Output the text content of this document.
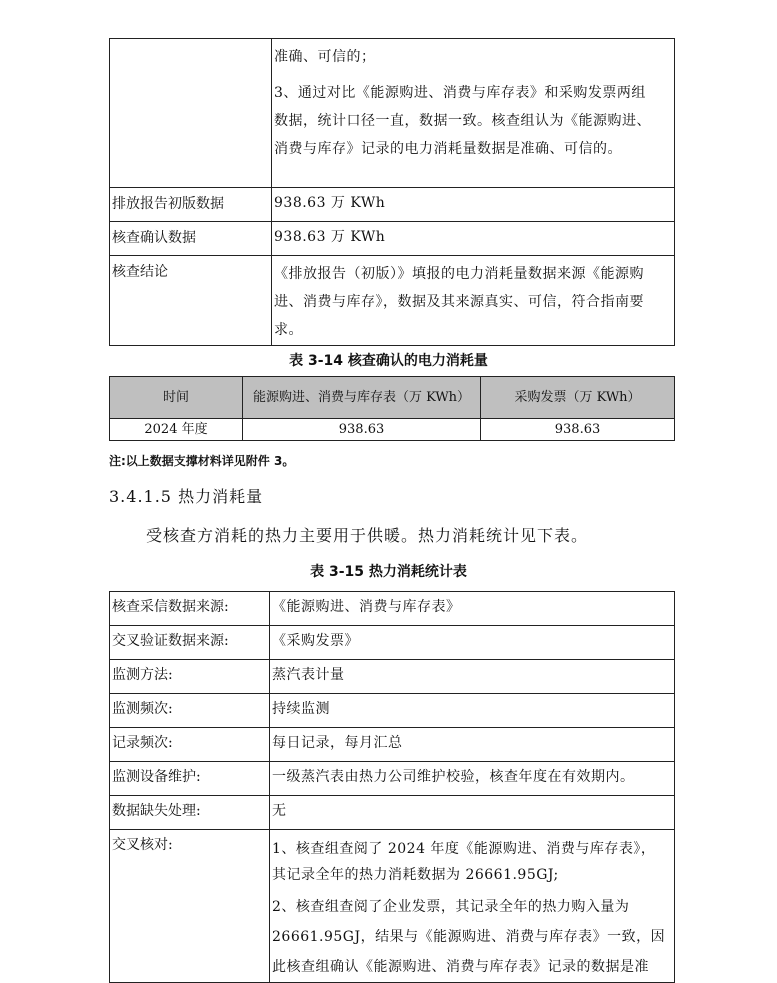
	准确、可信的；
3、通过对比《能源购进、消费与库存表》和采购发票两组
数据，统计口径一直，数据一致。核查组认为《能源购进、
消费与库存》记录的电力消耗量数据是准确、可信的。

排放报告初版数据	938.63 万 KWh

核查确认数据	938.63 万 KWh

核查结论	《排放报告（初版）》填报的电力消耗量数据来源《能源购
进、消费与库存》，数据及其来源真实、可信，符合指南要
求。
表 3-14 核查确认的电力消耗量
时间	能源购进、消费与库存表（万 KWh）	采购发票（万 KWh）
2024 年度	938.63	938.63
注:以上数据支撑材料详见附件 3。
3.4.1.5 热力消耗量
受核查方消耗的热力主要用于供暖。热力消耗统计见下表。
表 3-15 热力消耗统计表
核查采信数据来源:	《能源购进、消费与库存表》
交叉验证数据来源:	《采购发票》
监测方法:	蒸汽表计量
监测频次:	持续监测
记录频次:	每日记录，每月汇总
监测设备维护:	一级蒸汽表由热力公司维护校验，核查年度在有效期内。
数据缺失处理:	无
交叉核对:	1、核查组查阅了 2024 年度《能源购进、消费与库存表》，
其记录全年的热力消耗数据为 26661.95GJ;
2、核查组查阅了企业发票，其记录全年的热力购入量为
26661.95GJ，结果与《能源购进、消费与库存表》一致，因
此核查组确认《能源购进、消费与库存表》记录的数据是准
